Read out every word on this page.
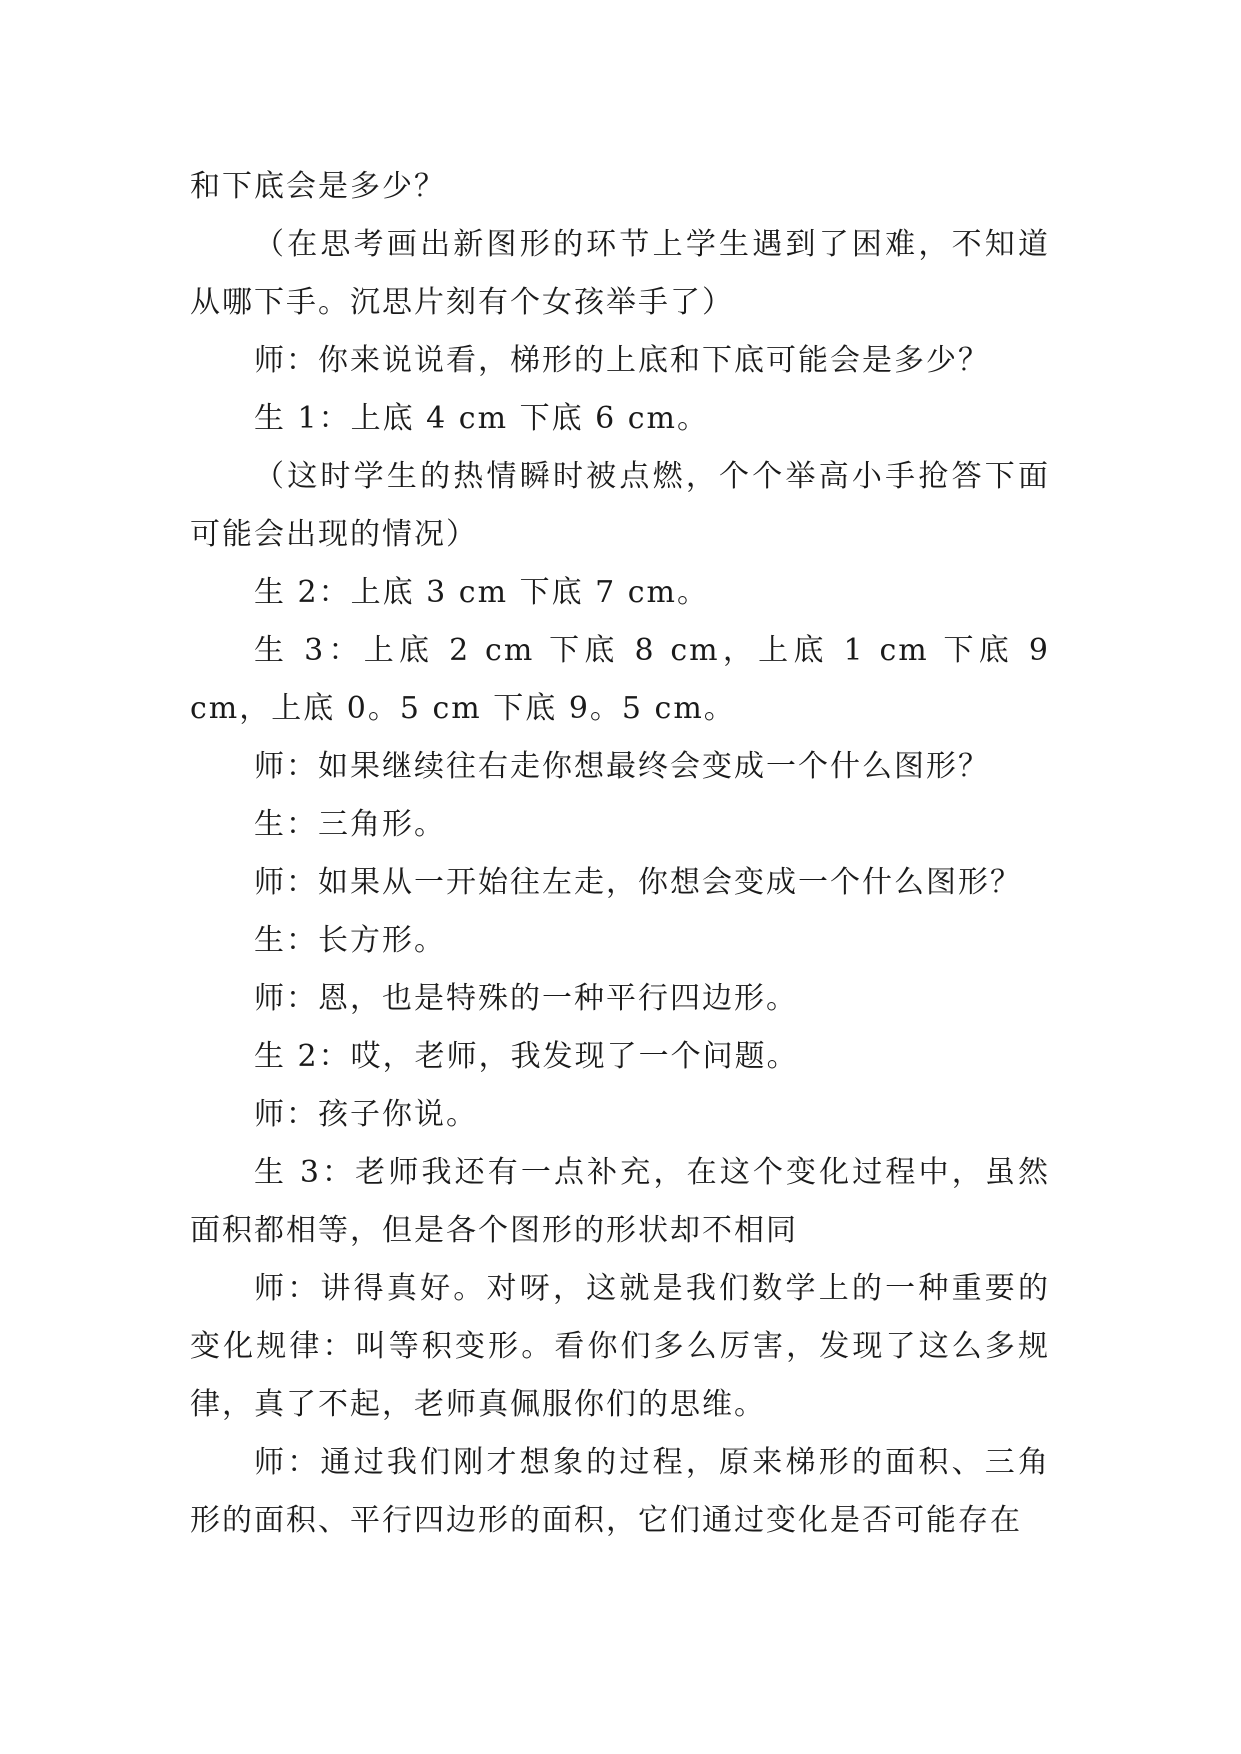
和下底会是多少？

（在思考画出新图形的环节上学生遇到了困难，不知道从哪下手。沉思片刻有个女孩举手了）

师：你来说说看，梯形的上底和下底可能会是多少？

生 1：上底 4 cm 下底 6 cm。

（这时学生的热情瞬时被点燃，个个举高小手抢答下面可能会出现的情况）

生 2：上底 3 cm 下底 7 cm。

生 3：上底 2 cm 下底 8 cm，上底 1 cm 下底 9 cm，上底 0。5 cm 下底 9。5 cm。

师：如果继续往右走你想最终会变成一个什么图形？

生：三角形。

师：如果从一开始往左走，你想会变成一个什么图形？

生：长方形。

师：恩，也是特殊的一种平行四边形。

生 2：哎，老师，我发现了一个问题。

师：孩子你说。

生 3：老师我还有一点补充，在这个变化过程中，虽然面积都相等，但是各个图形的形状却不相同

师：讲得真好。对呀，这就是我们数学上的一种重要的变化规律：叫等积变形。看你们多么厉害，发现了这么多规律，真了不起，老师真佩服你们的思维。

师：通过我们刚才想象的过程，原来梯形的面积、三角形的面积、平行四边形的面积，它们通过变化是否可能存在
